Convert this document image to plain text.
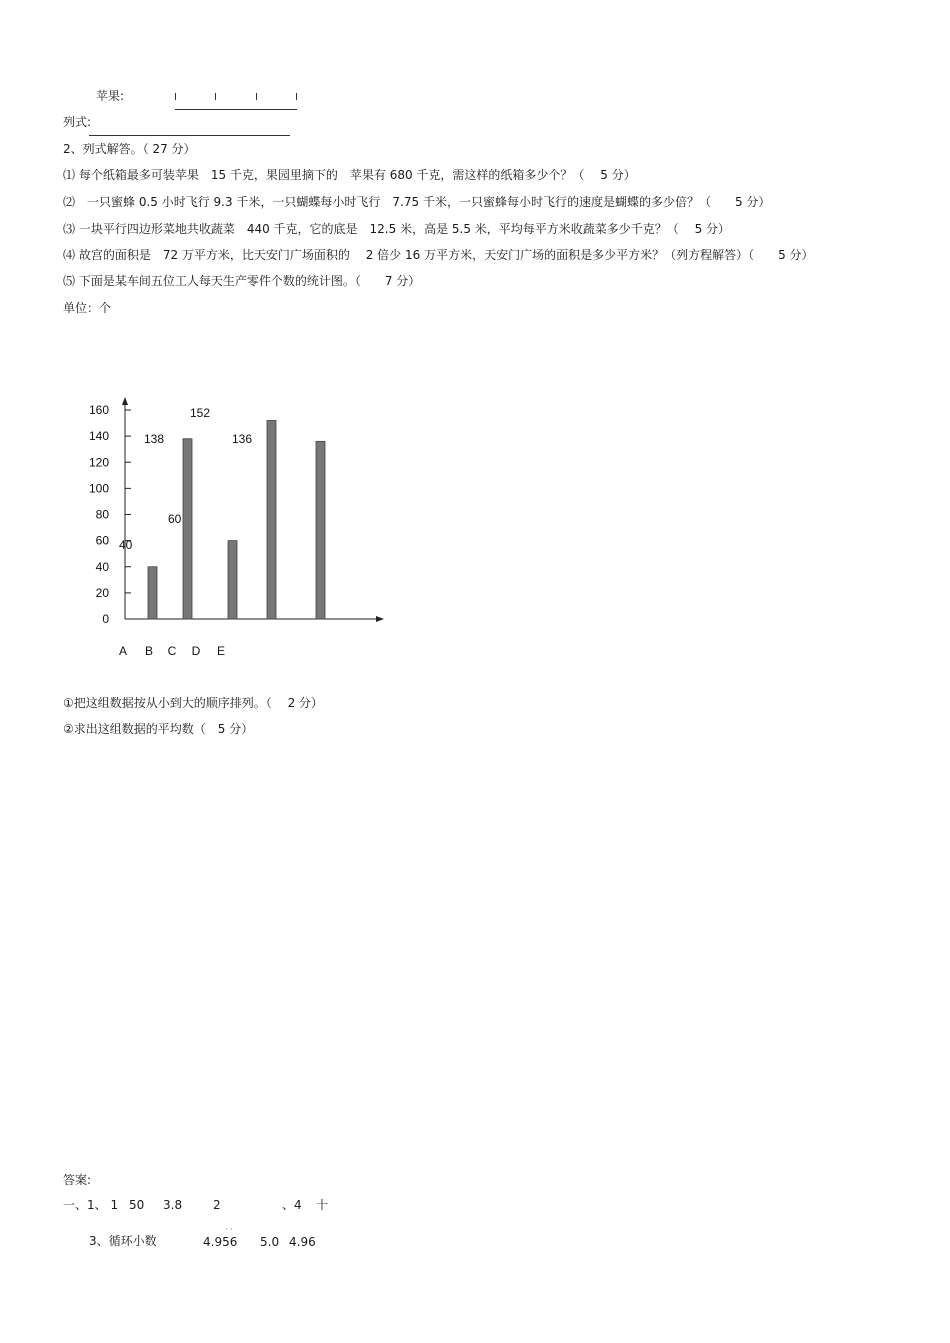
苹果:
列式:
2、列式解答。（ 27 分）
⑴ 每个纸箱最多可装苹果　15 千克，果园里摘下的　苹果有 680 千克，需这样的纸箱多少个？（　 5 分）
⑵　一只蜜蜂 0.5 小时飞行 9.3 千米，一只蝴蝶每小时飞行　7.75 千米，一只蜜蜂每小时飞行的速度是蝴蝶的多少倍？（　　5 分）
⑶ 一块平行四边形菜地共收蔬菜　440 千克，它的底是　12.5 米，高是 5.5 米，平均每平方米收蔬菜多少千克？（　 5 分）
⑷ 故宫的面积是　72 万平方米，比天安门广场面积的　 2 倍少 16 万平方米，天安门广场的面积是多少平方米？（列方程解答）（　　5 分）
⑸ 下面是某车间五位工人每天生产零件个数的统计图。（　　7 分）
单位：个
0
20
40
60
80
100
120
140
160
40
138
60
152
136
A B C D E
①把这组数据按从小到大的顺序排列。（　 2 分）
②求出这组数据的平均数（　5 分）
答案:
一、1、 1 50 3.8	2	、4 十
3、循环小数
· ·
4.956 5.0 4.96
